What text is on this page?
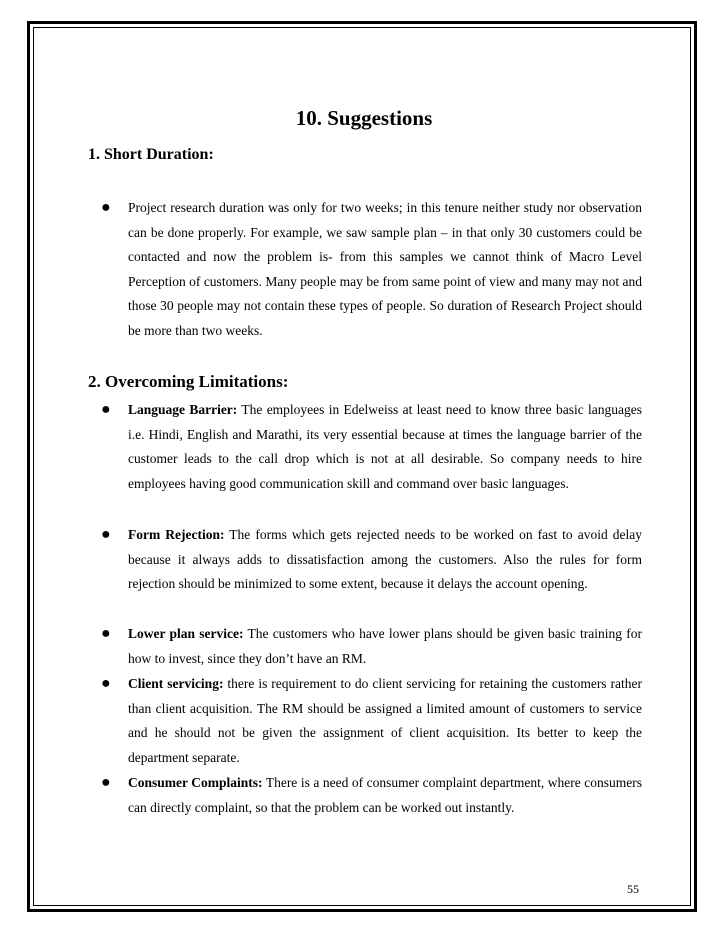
10. Suggestions
1. Short Duration:
● Project research duration was only for two weeks; in this tenure neither study nor observation can be done properly. For example, we saw sample plan – in that only 30 customers could be contacted and now the problem is- from this samples we cannot think of Macro Level Perception of customers. Many people may be from same point of view and many may not and those 30 people may not contain these types of people. So duration of Research Project should be more than two weeks.
2. Overcoming Limitations:
● Language Barrier: The employees in Edelweiss at least need to know three basic languages i.e. Hindi, English and Marathi, its very essential because at times the language barrier of the customer leads to the call drop which is not at all desirable. So company needs to hire employees having good communication skill and command over basic languages.
● Form Rejection: The forms which gets rejected needs to be worked on fast to avoid delay because it always adds to dissatisfaction among the customers. Also the rules for form rejection should be minimized to some extent, because it delays the account opening.
● Lower plan service: The customers who have lower plans should be given basic training for how to invest, since they don’t have an RM.
● Client servicing: there is requirement to do client servicing for retaining the customers rather than client acquisition. The RM should be assigned a limited amount of customers to service and he should not be given the assignment of client acquisition. Its better to keep the department separate.
● Consumer Complaints: There is a need of consumer complaint department, where consumers can directly complaint, so that the problem can be worked out instantly.
55
